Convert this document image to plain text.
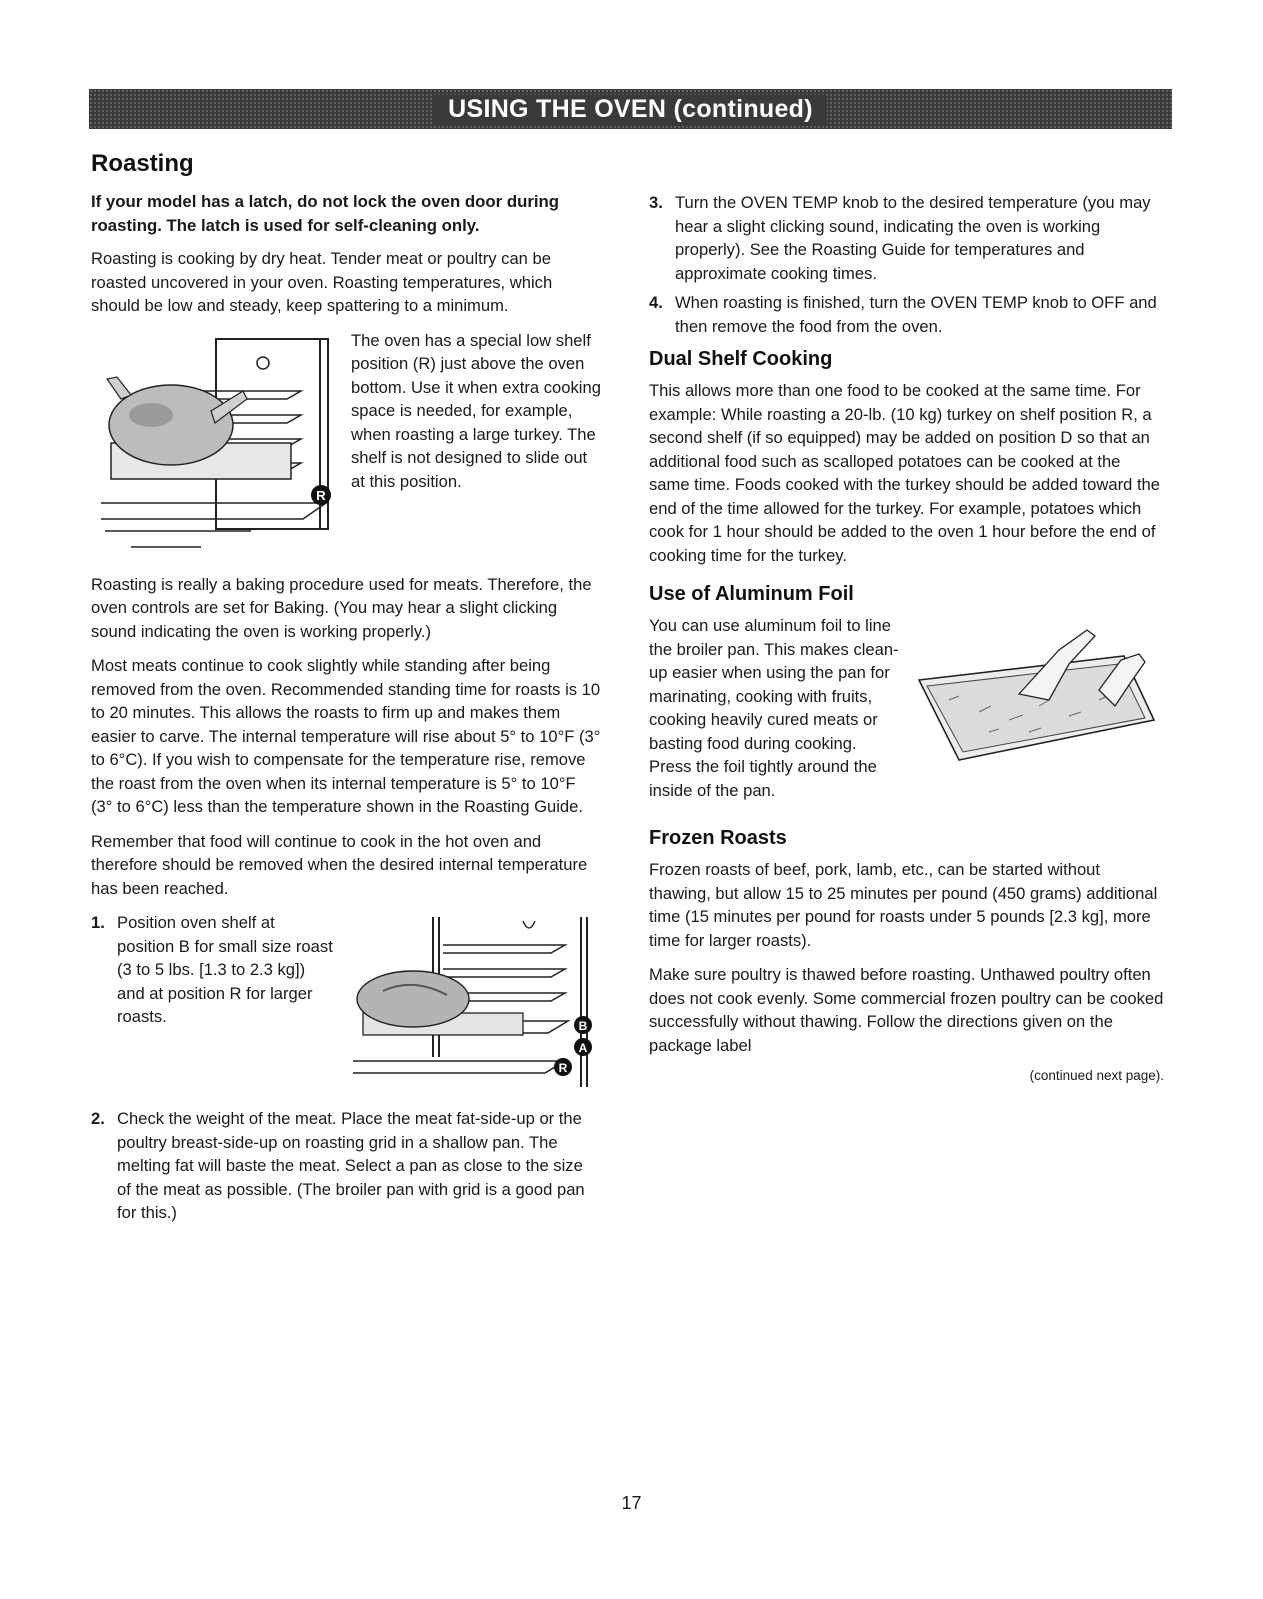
USING THE OVEN (continued)
Roasting

If your model has a latch, do not lock the oven door during roasting. The latch is used for self-cleaning only.

Roasting is cooking by dry heat. Tender meat or poultry can be roasted uncovered in your oven. Roasting temperatures, which should be low and steady, keep spattering to a minimum.

R

The oven has a special low shelf position (R) just above the oven bottom. Use it when extra cooking space is needed, for example, when roasting a large turkey. The shelf is not designed to slide out at this position.

Roasting is really a baking procedure used for meats. Therefore, the oven controls are set for Baking. (You may hear a slight clicking sound indicating the oven is working properly.)

Most meats continue to cook slightly while standing after being removed from the oven. Recommended standing time for roasts is 10 to 20 minutes. This allows the roasts to firm up and makes them easier to carve. The internal temperature will rise about 5° to 10°F (3° to 6°C). If you wish to compensate for the temperature rise, remove the roast from the oven when its internal temperature is 5° to 10°F (3° to 6°C) less than the temperature shown in the Roasting Guide.

Remember that food will continue to cook in the hot oven and therefore should be removed when the desired internal temperature has been reached.

B
A
R
1. Position oven shelf at position B for small size roast (3 to 5 lbs. [1.3 to 2.3 kg]) and at position R for larger roasts.
2. Check the weight of the meat. Place the meat fat-side-up or the poultry breast-side-up on roasting grid in a shallow pan. The melting fat will baste the meat. Select a pan as close to the size of the meat as possible. (The broiler pan with grid is a good pan for this.)
3. Turn the OVEN TEMP knob to the desired temperature (you may hear a slight clicking sound, indicating the oven is working properly). See the Roasting Guide for temperatures and approximate cooking times.
4. When roasting is finished, turn the OVEN TEMP knob to OFF and then remove the food from the oven.
Dual Shelf Cooking

This allows more than one food to be cooked at the same time. For example: While roasting a 20-lb. (10 kg) turkey on shelf position R, a second shelf (if so equipped) may be added on position D so that an additional food such as scalloped potatoes can be cooked at the same time. Foods cooked with the turkey should be added toward the end of the time allowed for the turkey. For example, potatoes which cook for 1 hour should be added to the oven 1 hour before the end of cooking time for the turkey.

Use of Aluminum Foil

You can use aluminum foil to line the broiler pan. This makes clean-up easier when using the pan for marinating, cooking with fruits, cooking heavily cured meats or basting food during cooking. Press the foil tightly around the inside of the pan.

Frozen Roasts

Frozen roasts of beef, pork, lamb, etc., can be started without thawing, but allow 15 to 25 minutes per pound (450 grams) additional time (15 minutes per pound for roasts under 5 pounds [2.3 kg], more time for larger roasts).

Make sure poultry is thawed before roasting. Unthawed poultry often does not cook evenly. Some commercial frozen poultry can be cooked successfully without thawing. Follow the directions given on the package label

(continued next page).
17
